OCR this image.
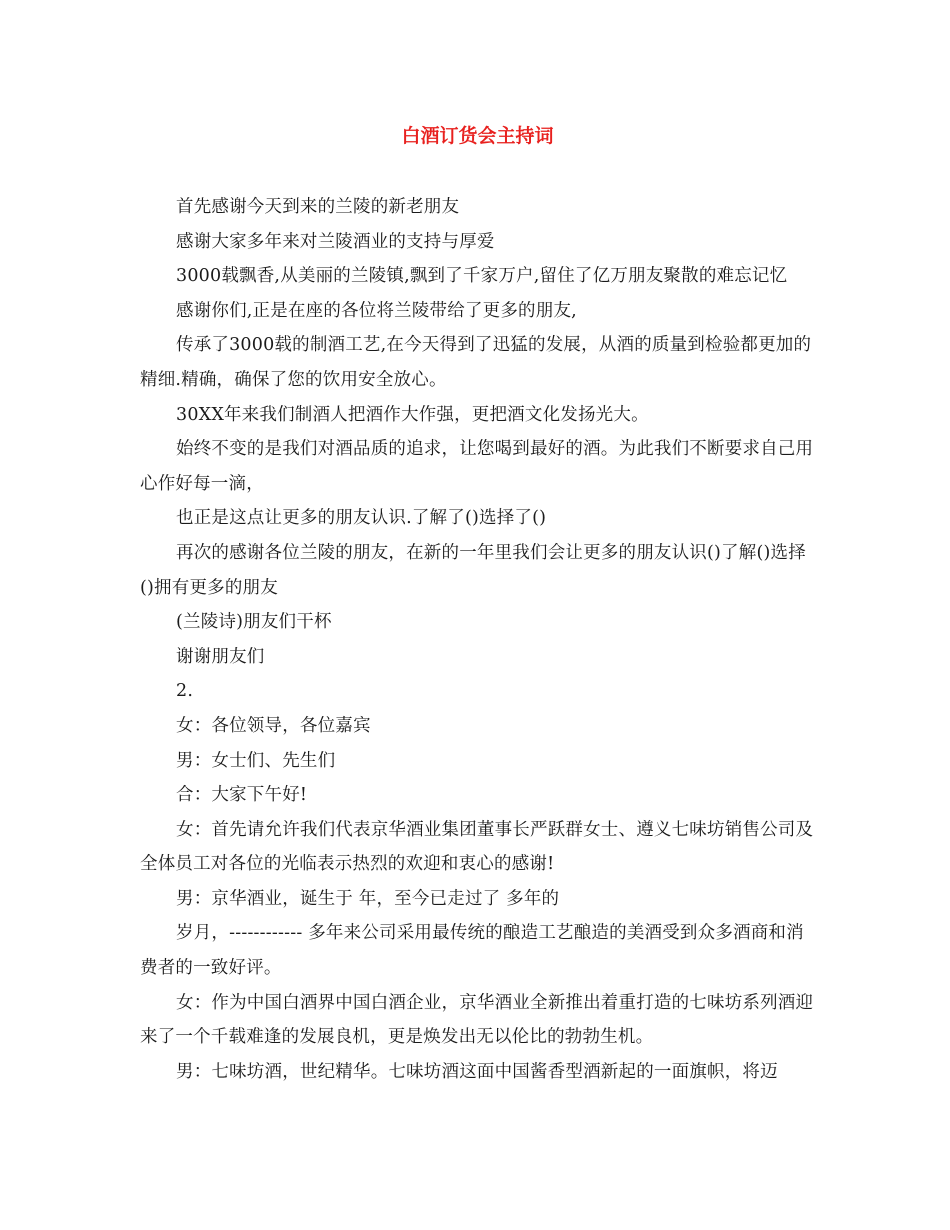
白酒订货会主持词

首先感谢今天到来的兰陵的新老朋友

感谢大家多年来对兰陵酒业的支持与厚爱

3000载飘香,从美丽的兰陵镇,飘到了千家万户,留住了亿万朋友聚散的难忘记忆

感谢你们,正是在座的各位将兰陵带给了更多的朋友,

传承了3000载的制酒工艺,在今天得到了迅猛的发展，从酒的质量到检验都更加的精细.精确，确保了您的饮用安全放心。

30XX年来我们制酒人把酒作大作强，更把酒文化发扬光大。

始终不变的是我们对酒品质的追求，让您喝到最好的酒。为此我们不断要求自己用心作好每一滴，

也正是这点让更多的朋友认识.了解了()选择了()

再次的感谢各位兰陵的朋友，在新的一年里我们会让更多的朋友认识()了解()选择()拥有更多的朋友

(兰陵诗)朋友们干杯

谢谢朋友们

2.

女：各位领导，各位嘉宾

男：女士们、先生们

合：大家下午好!

女：首先请允许我们代表京华酒业集团董事长严跃群女士、遵义七味坊销售公司及全体员工对各位的光临表示热烈的欢迎和衷心的感谢!

男：京华酒业，诞生于 年，至今已走过了 多年的

岁月，------------ 多年来公司采用最传统的酿造工艺酿造的美酒受到众多酒商和消费者的一致好评。

女：作为中国白酒界中国白酒企业，京华酒业全新推出着重打造的七味坊系列酒迎来了一个千载难逢的发展良机，更是焕发出无以伦比的勃勃生机。

男：七味坊酒，世纪精华。七味坊酒这面中国酱香型酒新起的一面旗帜，将迈
